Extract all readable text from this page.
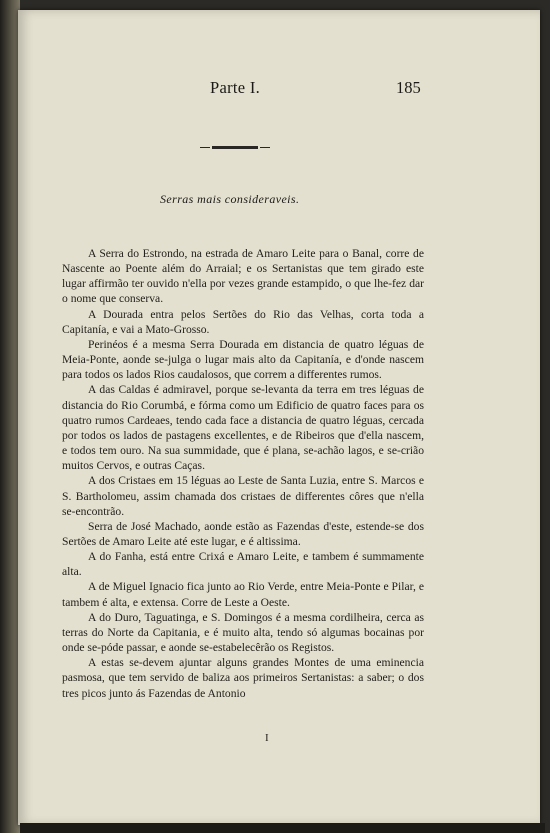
Parte I.	185
Serras mais consideraveis.

A Serra do Estrondo, na estrada de Amaro Leite para o Banal, corre de Nascente ao Poente além do Arraial; e os Sertanistas que tem girado este lugar affirmão ter ouvido n'ella por vezes grande estampido, o que lhe-fez dar o nome que conserva.

A Dourada entra pelos Sertões do Rio das Velhas, corta toda a Capitanía, e vai a Mato-Grosso.

Perinéos é a mesma Serra Dourada em distancia de quatro léguas de Meia-Ponte, aonde se-julga o lugar mais alto da Capitanía, e d'onde nascem para todos os lados Rios caudalosos, que correm a differentes rumos.

A das Caldas é admiravel, porque se-levanta da terra em tres léguas de distancia do Rio Corumbá, e fórma como um Edificio de quatro faces para os quatro rumos Cardeaes, tendo cada face a distancia de quatro léguas, cercada por todos os lados de pastagens excellentes, e de Ribeiros que d'ella nascem, e todos tem ouro. Na sua summidade, que é plana, se-achão lagos, e se-crião muitos Cervos, e outras Caças.

A dos Cristaes em 15 léguas ao Leste de Santa Luzia, entre S. Marcos e S. Bartholomeu, assim chamada dos cristaes de differentes côres que n'ella se-encontrão.

Serra de José Machado, aonde estão as Fazendas d'este, estende-se dos Sertões de Amaro Leite até este lugar, e é altissima.

A do Fanha, está entre Crixá e Amaro Leite, e tambem é summamente alta.

A de Miguel Ignacio fica junto ao Rio Verde, entre Meia-Ponte e Pilar, e tambem é alta, e extensa. Corre de Leste a Oeste.

A do Duro, Taguatinga, e S. Domingos é a mesma cordilheira, cerca as terras do Norte da Capitania, e é muito alta, tendo só algumas bocainas por onde se-póde passar, e aonde se-estabelecêrão os Registos.

A estas se-devem ajuntar alguns grandes Montes de uma eminencia pasmosa, que tem servido de baliza aos primeiros Sertanistas: a saber; o dos tres picos junto ás Fazendas de Antonio

I
